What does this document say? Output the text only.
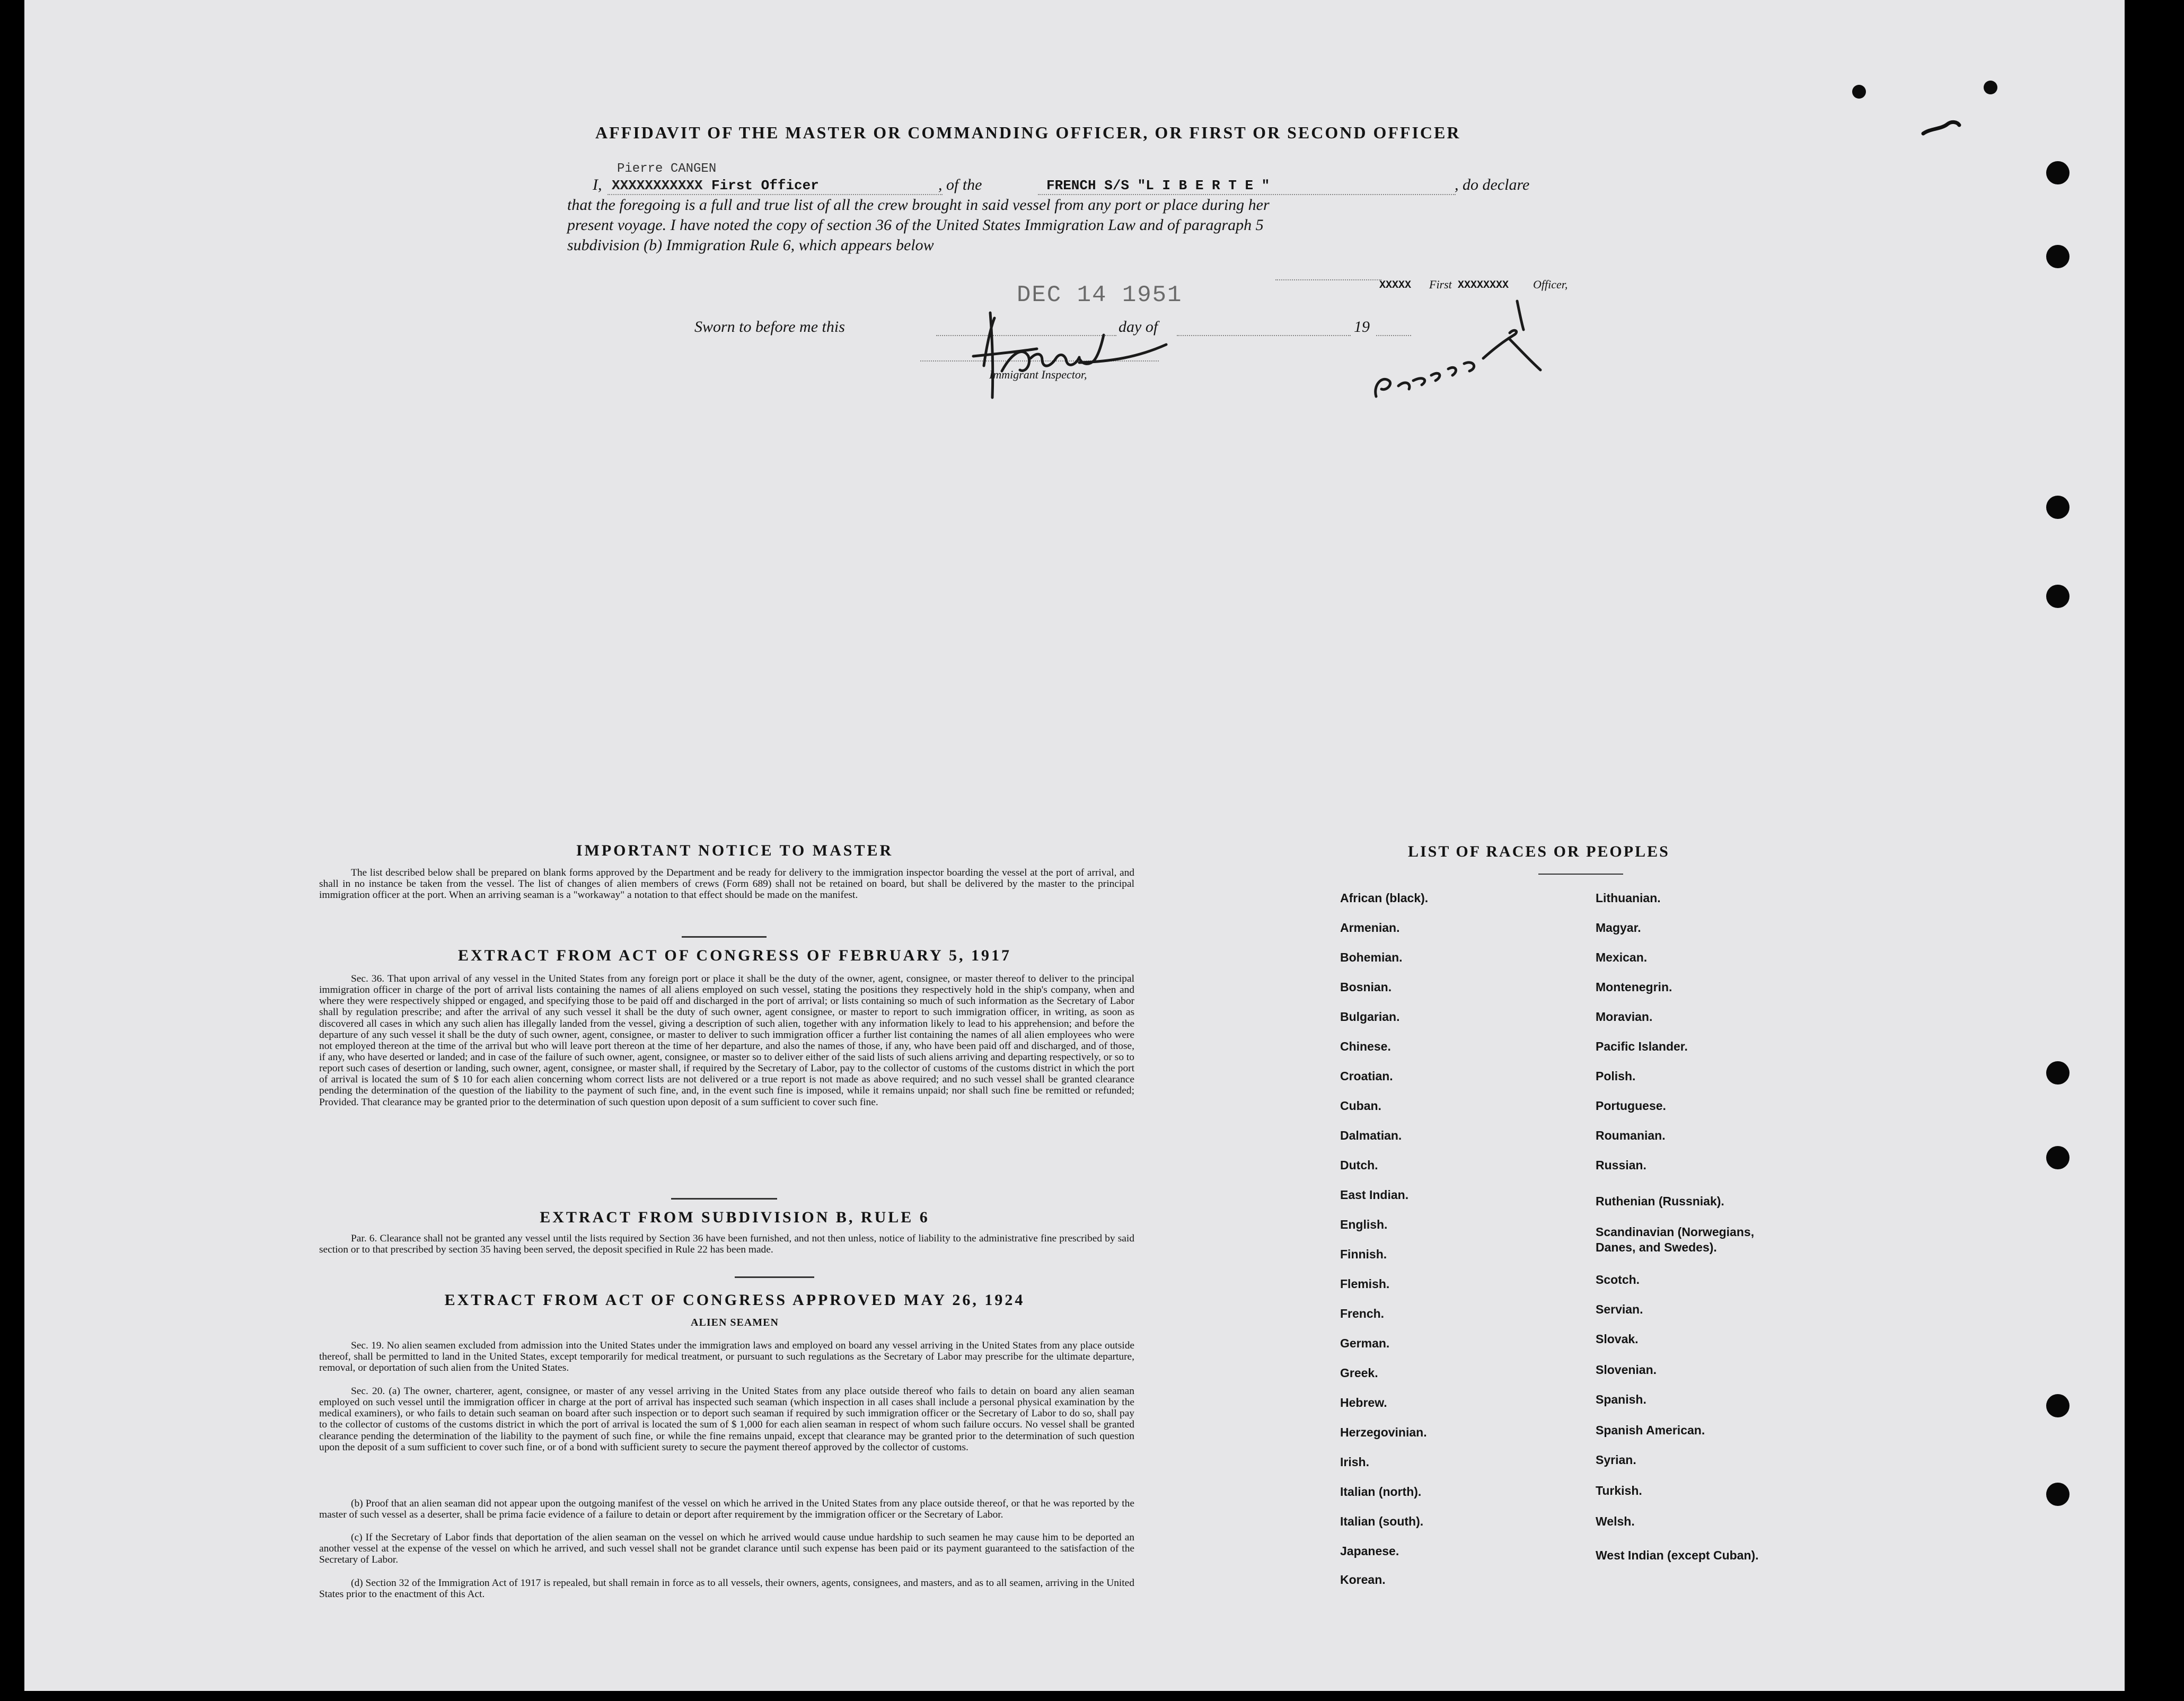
AFFIDAVIT OF THE MASTER OR COMMANDING OFFICER, OR FIRST OR SECOND OFFICER
Pierre CANGEN
I, XXXXXXXXXXX First Officer	, of the	FRENCH S/S "L I B E R T E "	, do declare
that the foregoing is a full and true list of all the crew brought in said vessel from any port or place during her
present voyage. I have noted the copy of section 36 of the United States Immigration Law and of paragraph 5
subdivision (b) Immigration Rule 6, which appears below
XXXXX First XXXXXXXX Officer,
DEC 14 1951
Sworn to before me this	day of	19
Immigrant Inspector,
IMPORTANT NOTICE TO MASTER
The list described below shall be prepared on blank forms approved by the Department and be ready for delivery to the immigration inspector boarding the vessel at the port of arrival, and shall in no instance be taken from the vessel. The list of changes of alien members of crews (Form 689) shall not be retained on board, but shall be delivered by the master to the principal immigration officer at the port. When an arriving seaman is a "workaway" a notation to that effect should be made on the manifest.
EXTRACT FROM ACT OF CONGRESS OF FEBRUARY 5, 1917
Sec. 36. That upon arrival of any vessel in the United States from any foreign port or place it shall be the duty of the owner, agent, consignee, or master thereof to deliver to the principal immigration officer in charge of the port of arrival lists containing the names of all aliens employed on such vessel, stating the positions they respectively hold in the ship's company, when and where they were respectively shipped or engaged, and specifying those to be paid off and discharged in the port of arrival; or lists containing so much of such information as the Secretary of Labor shall by regulation prescribe; and after the arrival of any such vessel it shall be the duty of such owner, agent consignee, or master to report to such immigration officer, in writing, as soon as discovered all cases in which any such alien has illegally landed from the vessel, giving a description of such alien, together with any information likely to lead to his apprehension; and before the departure of any such vessel it shall be the duty of such owner, agent, consignee, or master to deliver to such immigration officer a further list containing the names of all alien employees who were not employed thereon at the time of the arrival but who will leave port thereon at the time of her departure, and also the names of those, if any, who have been paid off and discharged, and of those, if any, who have deserted or landed; and in case of the failure of such owner, agent, consignee, or master so to deliver either of the said lists of such aliens arriving and departing respectively, or so to report such cases of desertion or landing, such owner, agent, consignee, or master shall, if required by the Secretary of Labor, pay to the collector of customs of the customs district in which the port of arrival is located the sum of $ 10 for each alien concerning whom correct lists are not delivered or a true report is not made as above required; and no such vessel shall be granted clearance pending the determination of the question of the liability to the payment of such fine, and, in the event such fine is imposed, while it remains unpaid; nor shall such fine be remitted or refunded; Provided. That clearance may be granted prior to the determination of such question upon deposit of a sum sufficient to cover such fine.
EXTRACT FROM SUBDIVISION B, RULE 6
Par. 6. Clearance shall not be granted any vessel until the lists required by Section 36 have been furnished, and not then unless, notice of liability to the administrative fine prescribed by said section or to that prescribed by section 35 having been served, the deposit specified in Rule 22 has been made.
EXTRACT FROM ACT OF CONGRESS APPROVED MAY 26, 1924
ALIEN SEAMEN
Sec. 19. No alien seamen excluded from admission into the United States under the immigration laws and employed on board any vessel arriving in the United States from any place outside thereof, shall be permitted to land in the United States, except temporarily for medical treatment, or pursuant to such regulations as the Secretary of Labor may prescribe for the ultimate departure, removal, or deportation of such alien from the United States.
Sec. 20. (a) The owner, charterer, agent, consignee, or master of any vessel arriving in the United States from any place outside thereof who fails to detain on board any alien seaman employed on such vessel until the immigration officer in charge at the port of arrival has inspected such seaman (which inspection in all cases shall include a personal physical examination by the medical examiners), or who fails to detain such seaman on board after such inspection or to deport such seaman if required by such immigration officer or the Secretary of Labor to do so, shall pay to the collector of customs of the customs district in which the port of arrival is located the sum of $ 1,000 for each alien seaman in respect of whom such failure occurs. No vessel shall be granted clearance pending the determination of the liability to the payment of such fine, or while the fine remains unpaid, except that clearance may be granted prior to the determination of such question upon the deposit of a sum sufficient to cover such fine, or of a bond with sufficient surety to secure the payment thereof approved by the collector of customs.
(b) Proof that an alien seaman did not appear upon the outgoing manifest of the vessel on which he arrived in the United States from any place outside thereof, or that he was reported by the master of such vessel as a deserter, shall be prima facie evidence of a failure to detain or deport after requirement by the immigration officer or the Secretary of Labor.
(c) If the Secretary of Labor finds that deportation of the alien seaman on the vessel on which he arrived would cause undue hardship to such seamen he may cause him to be deported an another vessel at the expense of the vessel on which he arrived, and such vessel shall not be grandet clarance until such expense has been paid or its payment guaranteed to the satisfaction of the Secretary of Labor.
(d) Section 32 of the Immigration Act of 1917 is repealed, but shall remain in force as to all vessels, their owners, agents, consignees, and masters, and as to all seamen, arriving in the United States prior to the enactment of this Act.
LIST OF RACES OR PEOPLES
African (black).
Armenian.
Bohemian.
Bosnian.
Bulgarian.
Chinese.
Croatian.
Cuban.
Dalmatian.
Dutch.
East Indian.
English.
Finnish.
Flemish.
French.
German.
Greek.
Hebrew.
Herzegovinian.
Irish.
Italian (north).
Italian (south).
Japanese.
Korean.
Lithuanian.
Magyar.
Mexican.
Montenegrin.
Moravian.
Pacific Islander.
Polish.
Portuguese.
Roumanian.
Russian.
Ruthenian (Russniak).
Scandinavian (Norwegians, Danes, and Swedes).
Scotch.
Servian.
Slovak.
Slovenian.
Spanish.
Spanish American.
Syrian.
Turkish.
Welsh.
West Indian (except Cuban).
